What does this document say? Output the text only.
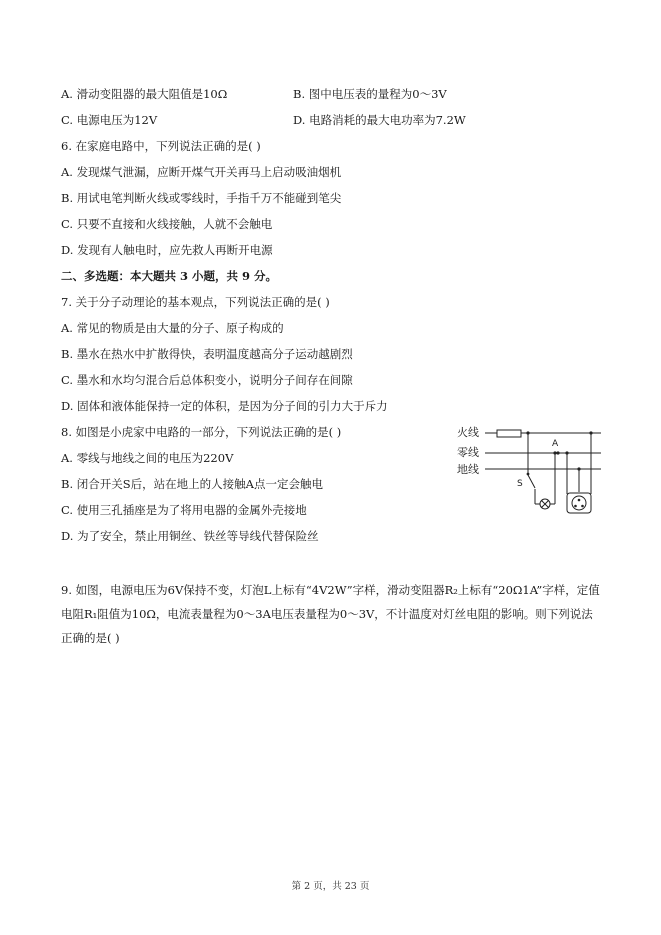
A. 滑动变阻器的最大阻值是10Ω	B. 图中电压表的量程为0～3V
C. 电源电压为12V	D. 电路消耗的最大电功率为7.2W
6. 在家庭电路中，下列说法正确的是( )
A. 发现煤气泄漏，应断开煤气开关再马上启动吸油烟机
B. 用试电笔判断火线或零线时，手指千万不能碰到笔尖
C. 只要不直接和火线接触，人就不会触电
D. 发现有人触电时，应先救人再断开电源
二、多选题：本大题共 3 小题，共 9 分。
7. 关于分子动理论的基本观点，下列说法正确的是( )
A. 常见的物质是由大量的分子、原子构成的
B. 墨水在热水中扩散得快，表明温度越高分子运动越剧烈
C. 墨水和水均匀混合后总体积变小，说明分子间存在间隙
D. 固体和液体能保持一定的体积，是因为分子间的引力大于斥力
8. 如图是小虎家中电路的一部分，下列说法正确的是( )
A. 零线与地线之间的电压为220V
B. 闭合开关S后，站在地上的人接触A点一定会触电
C. 使用三孔插座是为了将用电器的金属外壳接地
D. 为了安全，禁止用铜丝、铁丝等导线代替保险丝
火线
零线
地线
S
A
9. 如图，电源电压为6V保持不变，灯泡L上标有“4V2W”字样，滑动变阻器R₂上标有“20Ω1A”字样，定值电阻R₁阻值为10Ω，电流表量程为0～3A电压表量程为0～3V，不计温度对灯丝电阻的影响。则下列说法正确的是( )
第 2 页，共 23 页
